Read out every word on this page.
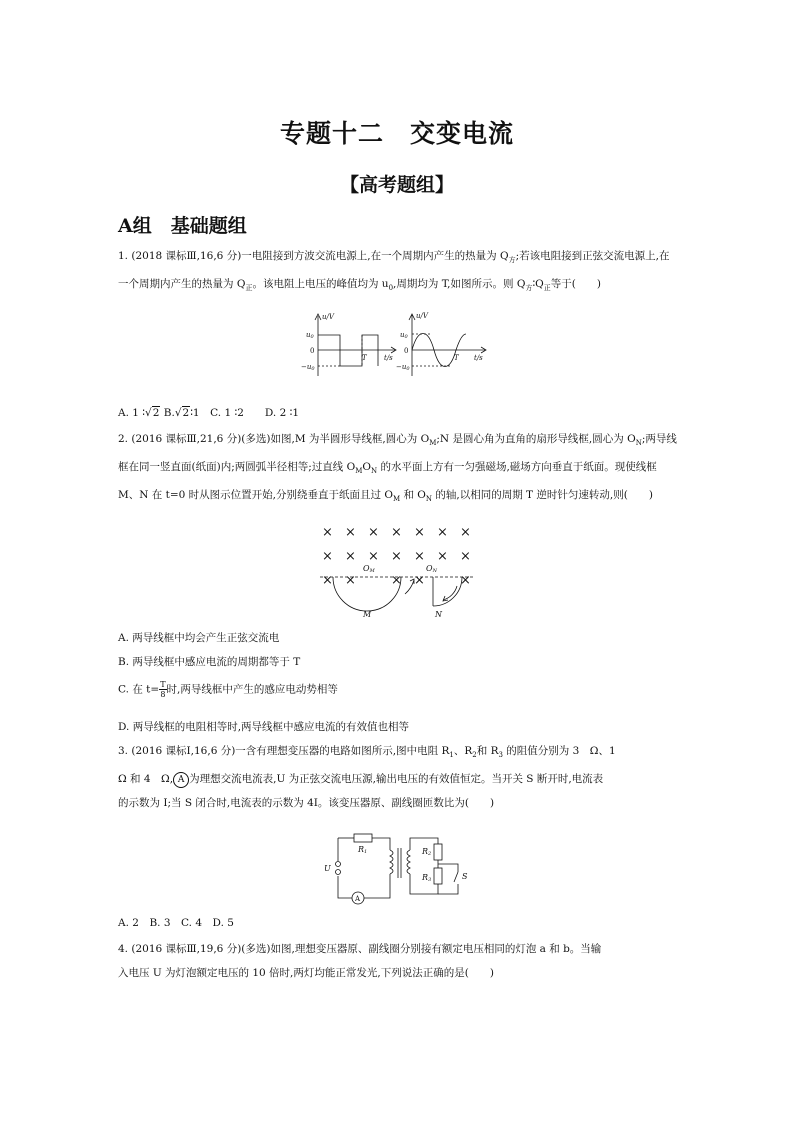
专题十二　交变电流
【高考题组】
A组　基础题组
1. (2018 课标Ⅲ,16,6 分)一电阻接到方波交流电源上,在一个周期内产生的热量为 $Q_方$;若该电阻接到正弦交流电源上,在一个周期内产生的热量为 $Q_正$。该电阻上电压的峰值均为 $u_0$,周期均为 T,如图所示。则 $Q_方∶Q_正$等于(　　)
u/V
u0
0
−u0
T t/s
u/V
u0
0
−u0
T t/s
A. 1 ∶√2 B.√2∶1　C. 1 ∶2　　D. 2 ∶1
2. (2016 课标Ⅲ,21,6 分)(多选)如图,M 为半圆形导线框,圆心为 $O_M;N$ 是圆心角为直角的扇形导线框,圆心为 $O_N$;两导线框在同一竖直面(纸面)内;两圆弧半径相等;过直线 $O_MO_N$ 的水平面上方有一匀强磁场,磁场方向垂直于纸面。现使线框 M、N 在 t=0 时从图示位置开始,分别绕垂直于纸面且过 $O_M$ 和 $O_N$ 的轴,以相同的周期 T 逆时针匀速转动,则(　　)
× × × × × × ×
× × × × × × ×
× ×	× ×	×
OM	ON
M	N
A. 两导线框中均会产生正弦交流电
B. 两导线框中感应电流的周期都等于 T
C. 在 $t= \frac{T}{8}$ 时,两导线框中产生的感应电动势相等
D. 两导线框的电阻相等时,两导线框中感应电流的有效值也相等
3. (2016 课标Ⅰ,16,6 分)一含有理想变压器的电路如图所示,图中电阻 $R_1$、$R_2$和 $R_3$ 的阻值分别为 3　Ω、1
Ω 和 4　Ω, A 为理想交流电流表,U 为正弦交流电压源,输出电压的有效值恒定。当开关 S 断开时,电流表
的示数为 I;当 S 闭合时,电流表的示数为 4I。该变压器原、副线圈匝数比为(　　)
R1	R2
R3
U
S
A
A. 2　B. 3　C. 4　D. 5
4. (2016 课标Ⅲ,19,6 分)(多选)如图,理想变压器原、副线圈分别接有额定电压相同的灯泡 a 和 b。当输
入电压 U 为灯泡额定电压的 10 倍时,两灯均能正常发光,下列说法正确的是(　　)
